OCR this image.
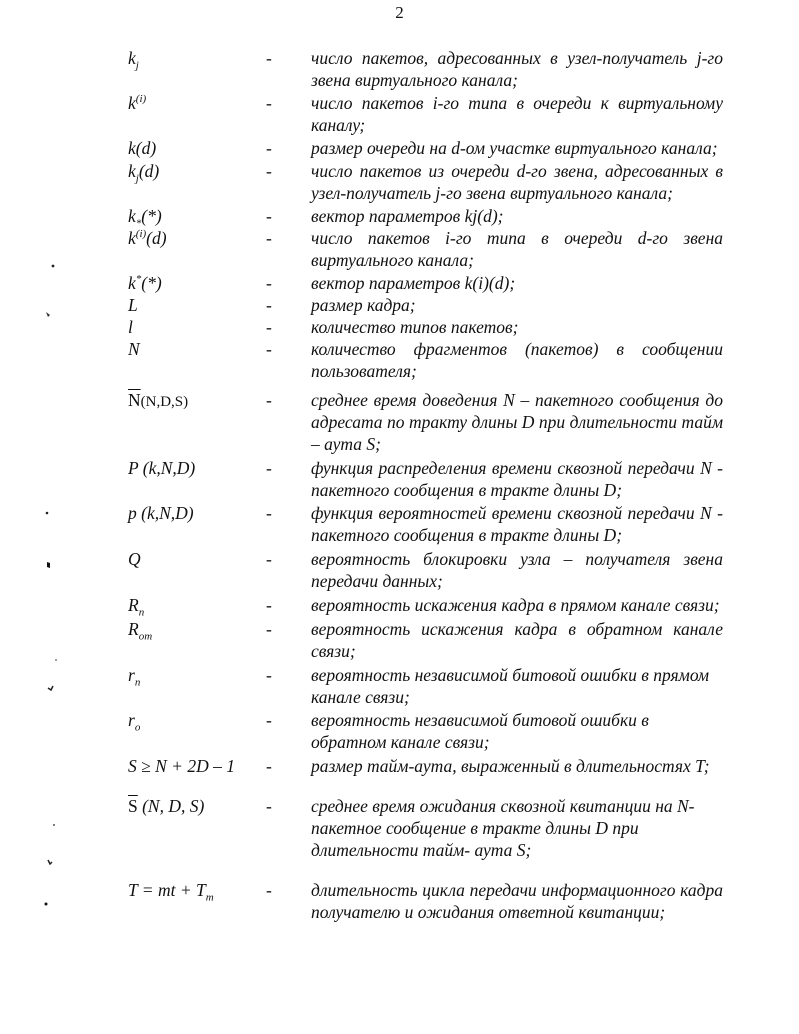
2
$k_j$	- число пакетов, адресованных в узел-получатель j-го звена виртуального канала;
$k^{(i)}$	- число пакетов i-го типа в очереди к виртуальному каналу;
k(d)	- размер очереди на d-ом участке виртуального канала;
$k_j(d)$	- число пакетов из очереди d-го звена, адресованных в узел-получатель j-го звена виртуального канала;
$k_*(*)$	- вектор параметров kj(d);
$k^{(i)}(d)$	- число пакетов i-го типа в очереди d-го звена виртуального канала;
k*(*)	- вектор параметров k(i)(d);
L	- размер кадра;
l	- количество типов пакетов;
N	- количество фрагментов (пакетов) в сообщении пользователя;
$\overline{N}(N,D,S)$	- среднее время доведения N – пакетного сообщения до адресата по тракту длины D при длительности тайм – аута S;
P (k,N,D)	- функция распределения времени сквозной передачи N - пакетного сообщения в тракте длины D;
p (k,N,D)	- функция вероятностей времени сквозной передачи N - пакетного сообщения в тракте длины D;
Q	- вероятность блокировки узла – получателя звена передачи данных;
$R_п$	- вероятность искажения кадра в прямом канале связи;
$R_{от}$	- вероятность искажения кадра в обратном канале связи;
$r_п$	- вероятность независимой битовой ошибки в прямом канале связи;
$r_о$	- вероятность независимой битовой ошибки в обратном канале связи;
S ≥ N + 2D – 1 - размер тайм-аута, выраженный в длительностях T;
$\overline{S}$ (N, D, S)	- среднее время ожидания сквозной квитанции на N-пакетное сообщение в тракте длины D при длительности тайм- аута S;
T = mt + $T_т$	- длительность цикла передачи информационного кадра получателю и ожидания ответной квитанции;
